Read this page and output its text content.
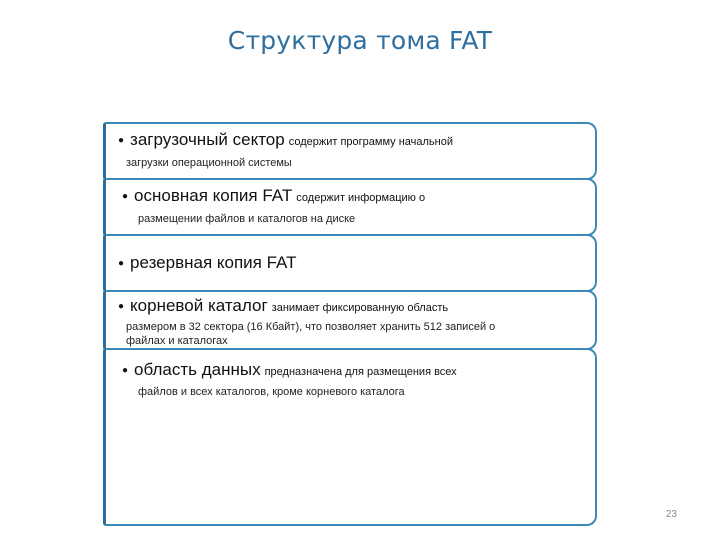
Структура тома FAT
● загрузочный сектор содержит программу начальной
загрузки операционной системы
● основная копия FAT содержит информацию о
размещении файлов и каталогов на диске
● резервная копия FAT
● корневой каталог занимает фиксированную область
размером в 32 сектора (16 Кбайт), что позволяет хранить 512 записей о
файлах и каталогах
● область данных предназначена для размещения всех
файлов и всех каталогов, кроме корневого каталога
23
